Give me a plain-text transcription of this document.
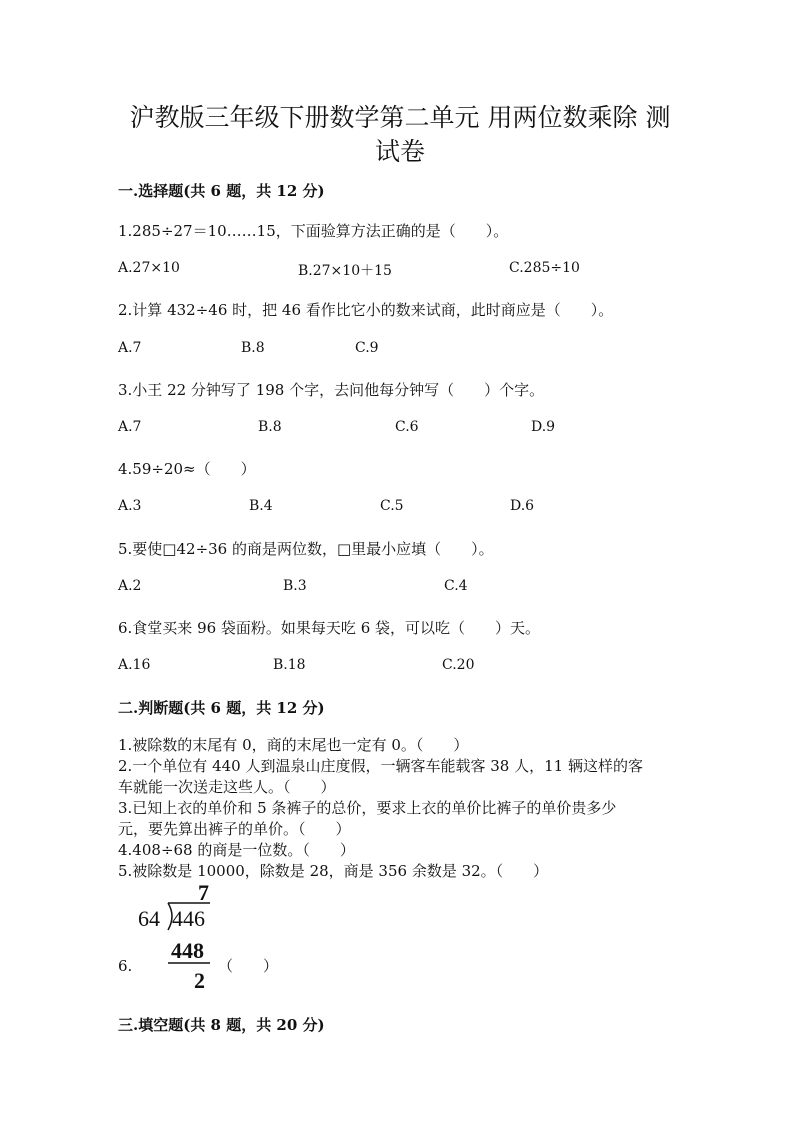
沪教版三年级下册数学第二单元 用两位数乘除 测
试卷
一.选择题(共 6 题，共 12 分)
1.285÷27＝10……15，下面验算方法正确的是（　　）。
A.27×10	B.27×10＋15	C.285÷10
2.计算 432÷46 时，把 46 看作比它小的数来试商，此时商应是（　　）。
A.7	B.8	C.9
3.小王 22 分钟写了 198 个字，去问他每分钟写（　　）个字。
A.7	B.8	C.6	D.9
4.59÷20≈（　　）
A.3	B.4	C.5	D.6
5.要使□42÷36 的商是两位数，□里最小应填（　　）。
A.2	B.3	C.4
6.食堂买来 96 袋面粉。如果每天吃 6 袋，可以吃（　　）天。
A.16	B.18	C.20
二.判断题(共 6 题，共 12 分)
1.被除数的末尾有 0，商的末尾也一定有 0。（　　）
2.一个单位有 440 人到温泉山庄度假，一辆客车能载客 38 人，11 辆这样的客
车就能一次送走这些人。（　　）
3.已知上衣的单价和 5 条裤子的总价，要求上衣的单价比裤子的单价贵多少
元，要先算出裤子的单价。（　　）
4.408÷68 的商是一位数。（　　）
5.被除数是 10000，除数是 28，商是 356 余数是 32。（　　）
6.	（　　）
7
64 446
448
2
三.填空题(共 8 题，共 20 分)
